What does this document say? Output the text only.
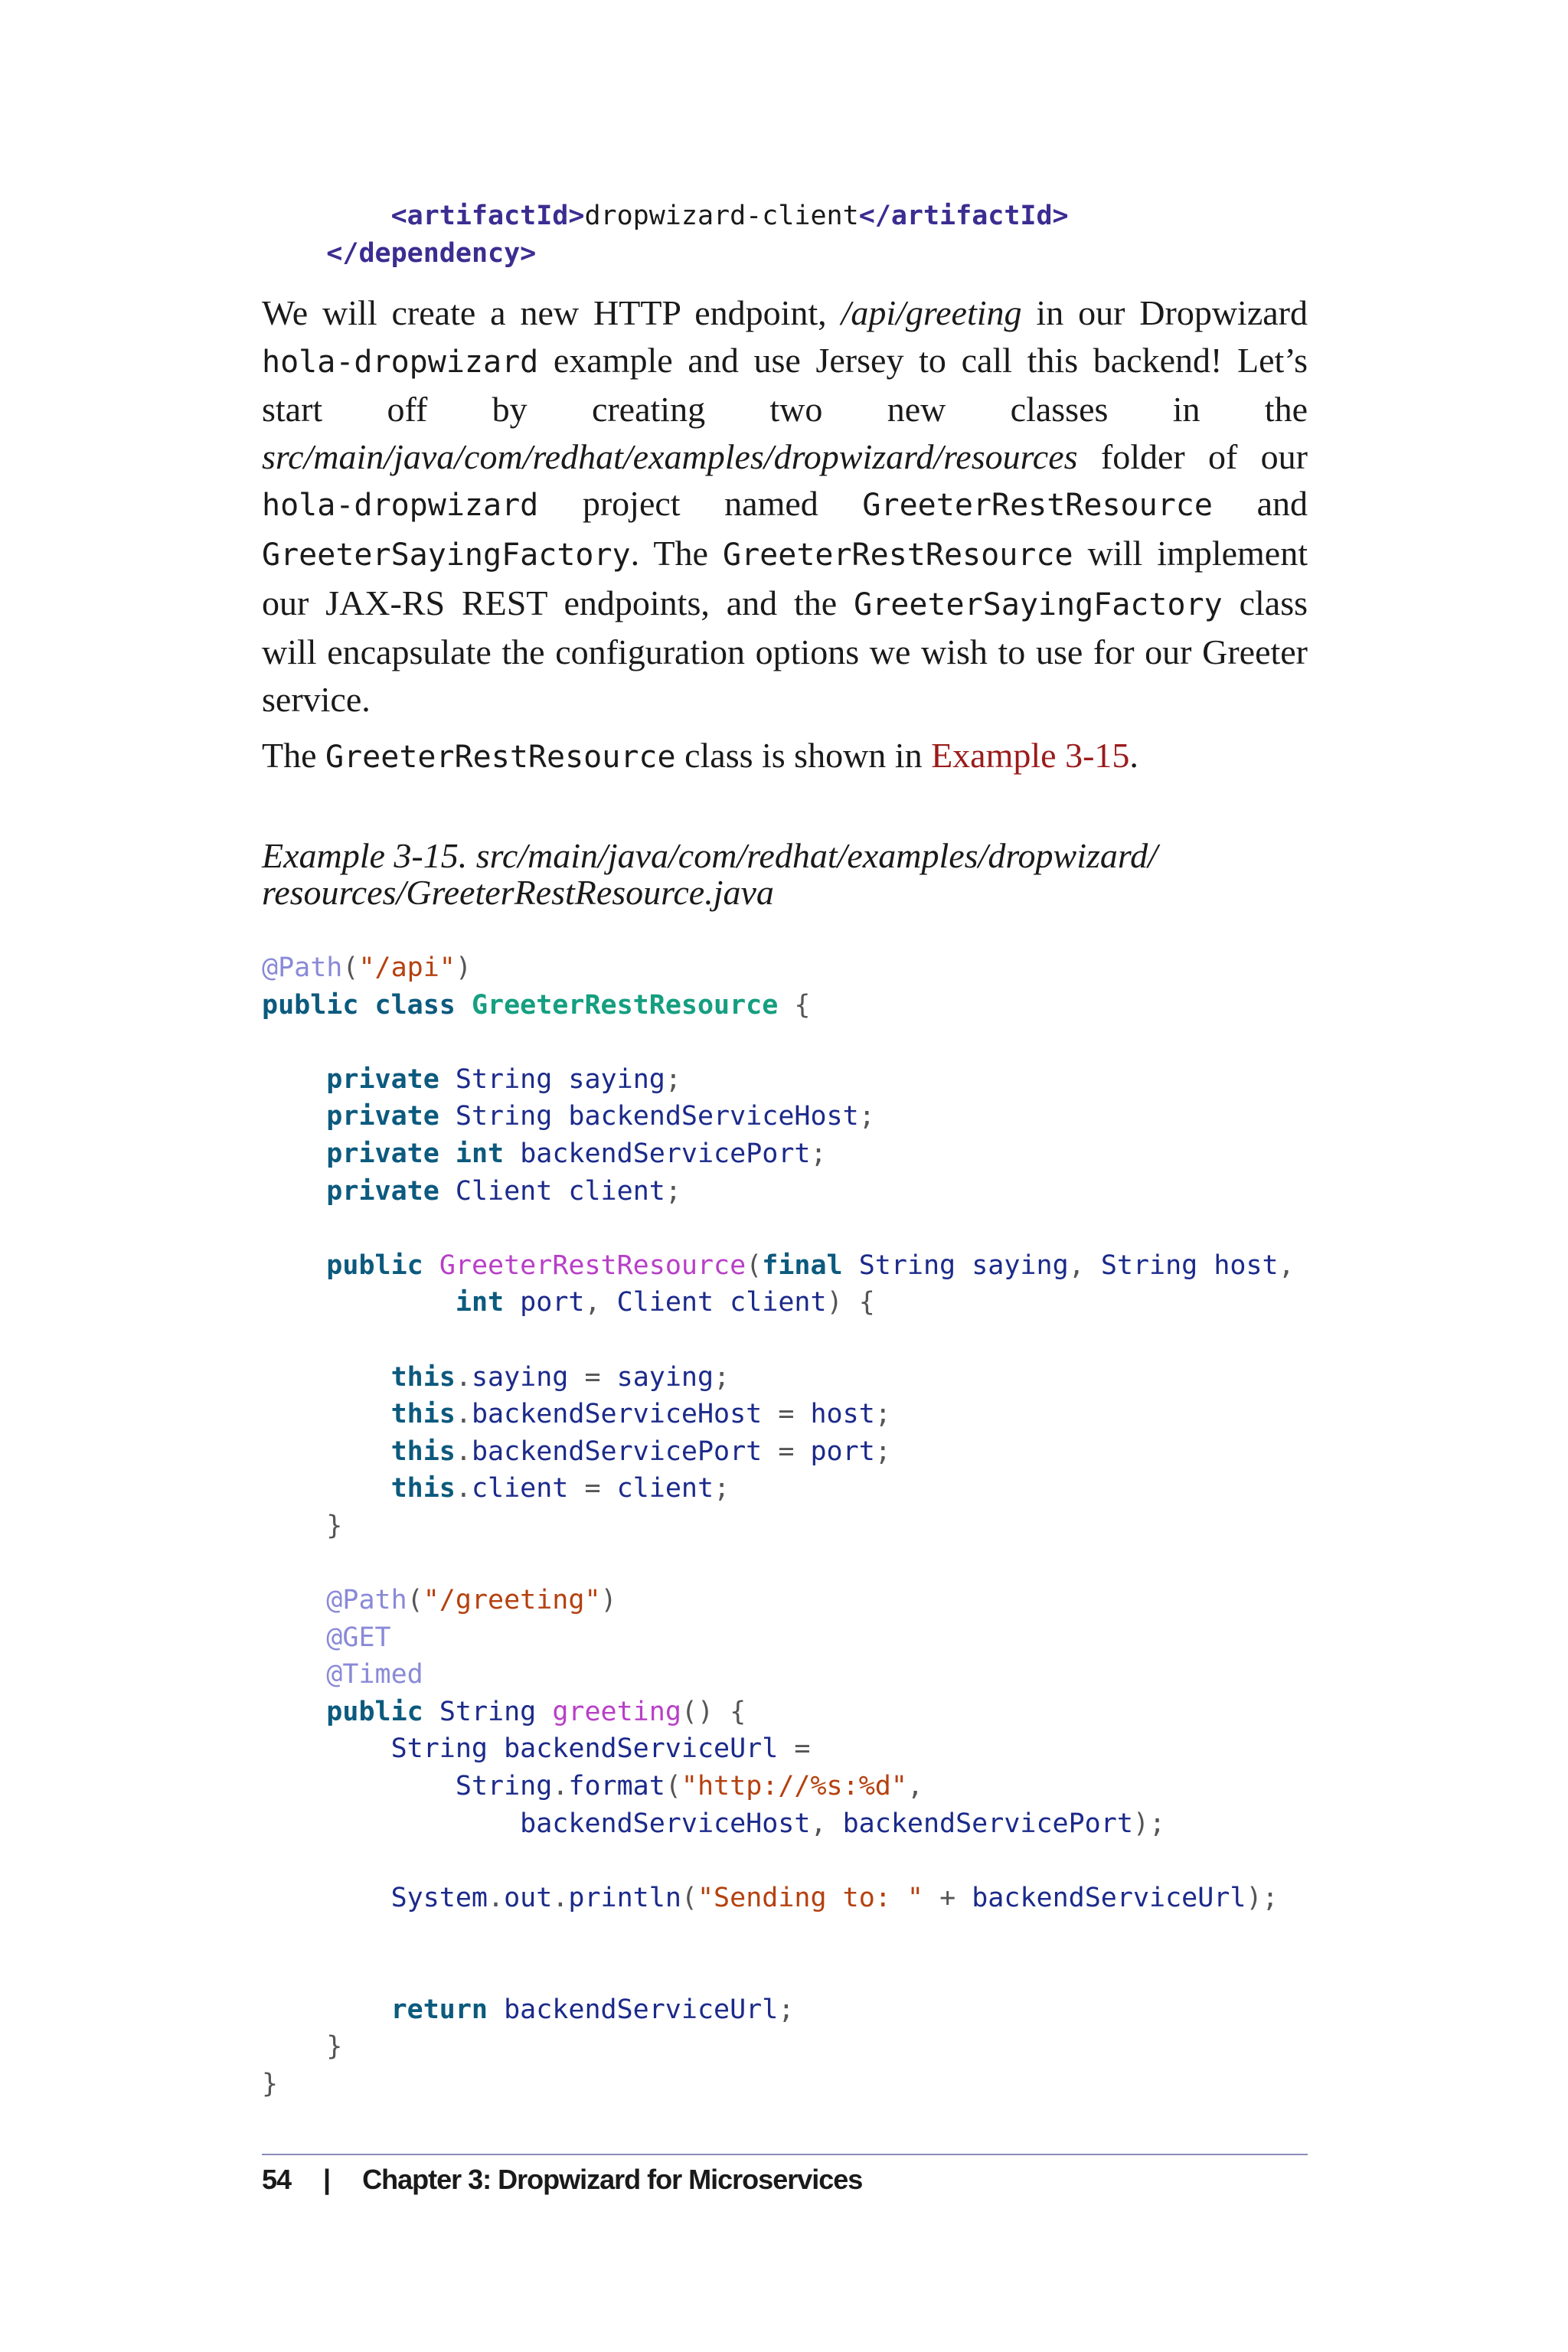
<artifactId>dropwizard-client</artifactId>
</dependency>

We will create a new HTTP endpoint, /api/greeting in our Dropwizard hola-dropwizard example and use Jersey to call this backend! Let’s start off by creating two new classes in the src/main/java/com/redhat/examples/dropwizard/resources folder of our hola-dropwizard project named GreeterRestResource and GreeterSayingFactory. The GreeterRestResource will implement our JAX-RS REST endpoints, and the GreeterSayingFactory class will encapsulate the configuration options we wish to use for our Greeter service.

The GreeterRestResource class is shown in Example 3-15.

Example 3-15. src/main/java/com/redhat/examples/dropwizard/
resources/GreeterRestResource.java

@Path("/api")
public class GreeterRestResource {

private String saying;
private String backendServiceHost;
private int backendServicePort;
private Client client;

public GreeterRestResource(final String saying, String host,
int port, Client client) {

this.saying = saying;
this.backendServiceHost = host;
this.backendServicePort = port;
this.client = client;
}

@Path("/greeting")
@GET
@Timed
public String greeting() {
String backendServiceUrl =
String.format("http://%s:%d",
backendServiceHost, backendServicePort);

System.out.println("Sending to: " + backendServiceUrl);

return backendServiceUrl;
}
}
54 | Chapter 3: Dropwizard for Microservices
